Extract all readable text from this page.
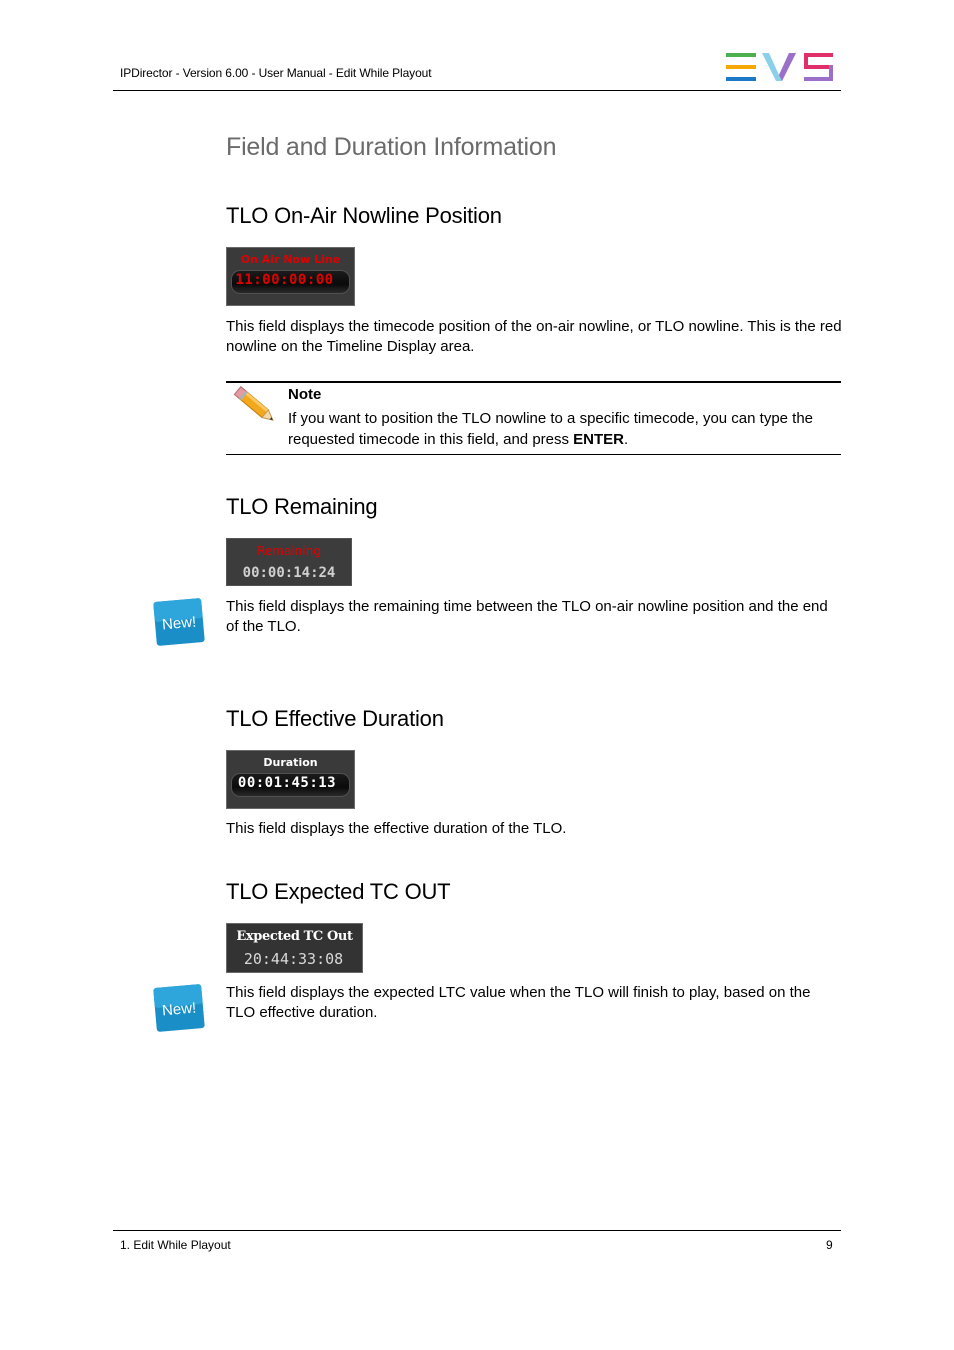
IPDirector - Version 6.00 - User Manual - Edit While Playout
Field and Duration Information
TLO On-Air Nowline Position
On Air Now Line
11:00:00:00
This field displays the timecode position of the on-air nowline, or TLO nowline. This is the red nowline on the Timeline Display area.
Note
If you want to position the TLO nowline to a specific timecode, you can type the requested timecode in this field, and press ENTER.
TLO Remaining
Remaining
00:00:14:24
New!
This field displays the remaining time between the TLO on-air nowline position and the end of the TLO.
TLO Effective Duration
Duration
00:01:45:13
This field displays the effective duration of the TLO.
TLO Expected TC OUT
Expected TC Out
20:44:33:08
New!
This field displays the expected LTC value when the TLO will finish to play, based on the TLO effective duration.
1. Edit While Playout	9
